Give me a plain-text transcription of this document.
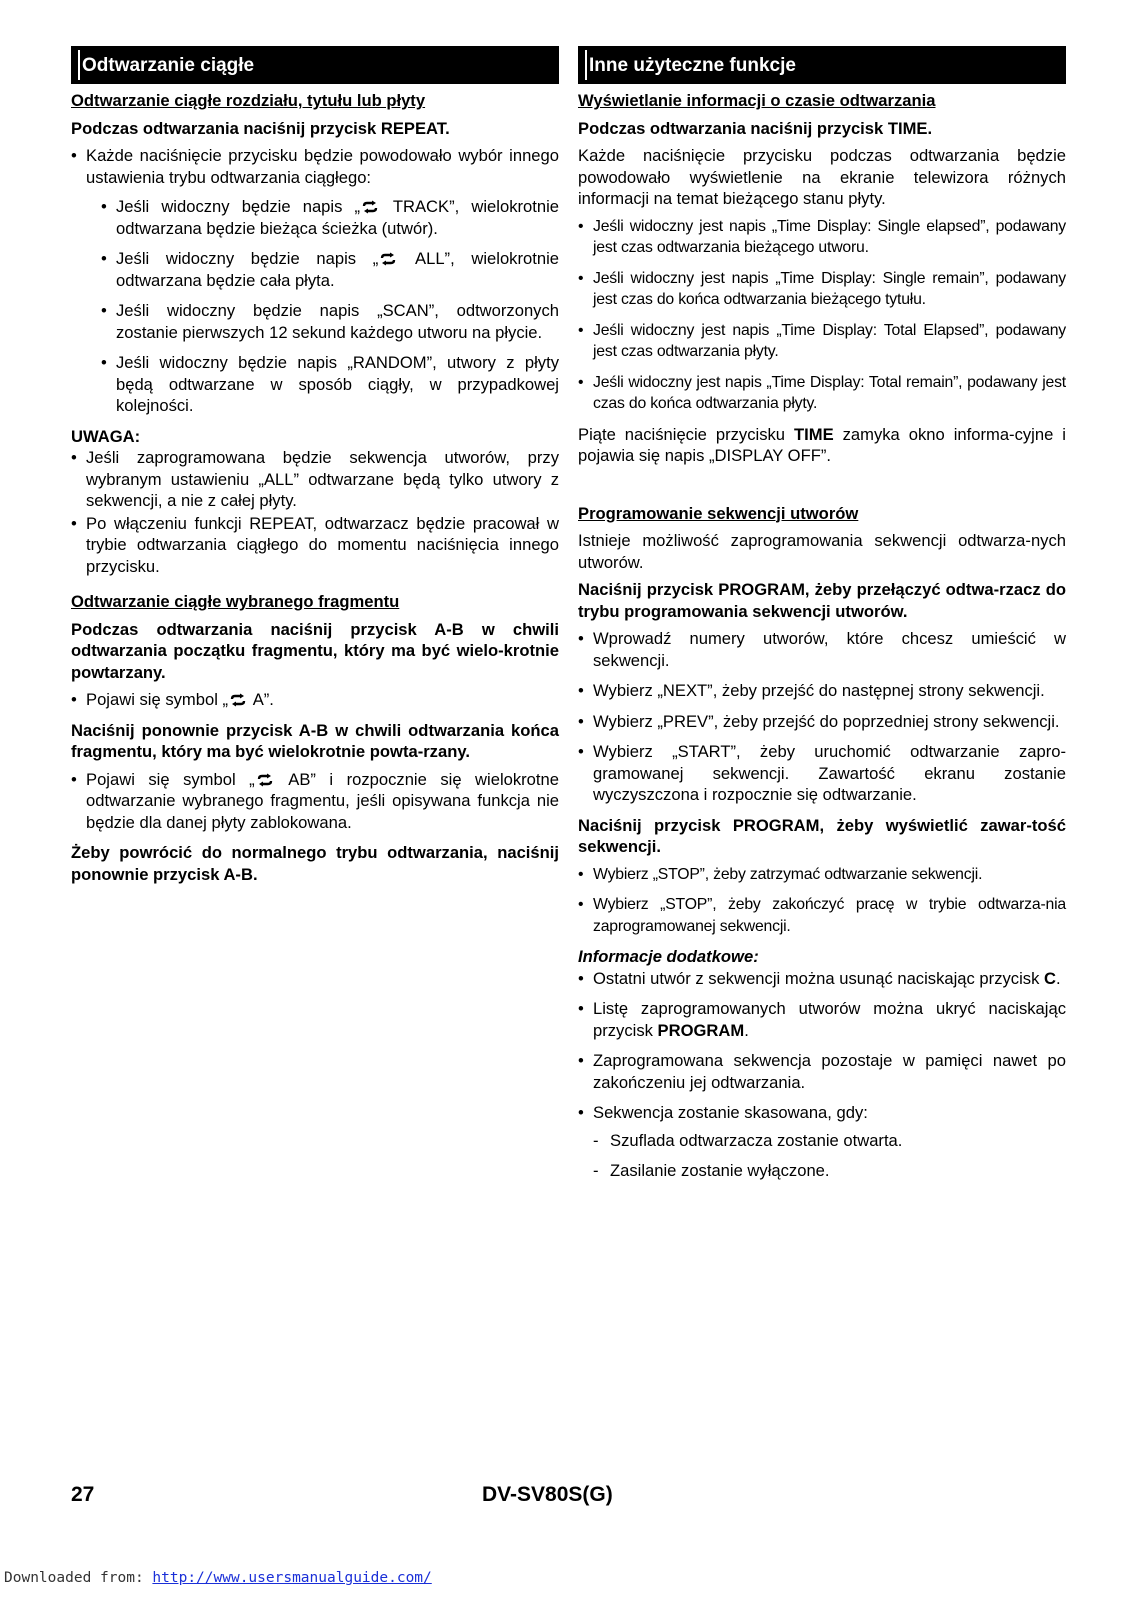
Odtwarzanie ciągłe
Odtwarzanie ciągłe rozdziału, tytułu lub płyty
Podczas odtwarzania naciśnij przycisk REPEAT.
• Każde naciśnięcie przycisku będzie powodowało wybór innego ustawienia trybu odtwarzania ciągłego:
• Jeśli widoczny będzie napis „ TRACK”, wielokrotnie odtwarzana będzie bieżąca ścieżka (utwór).
• Jeśli widoczny będzie napis „ ALL”, wielokrotnie odtwarzana będzie cała płyta.
• Jeśli widoczny będzie napis „SCAN”, odtworzonych zostanie pierwszych 12 sekund każdego utworu na płycie.
• Jeśli widoczny będzie napis „RANDOM”, utwory z płyty będą odtwarzane w sposób ciągły, w przypadkowej kolejności.
UWAGA:
• Jeśli zaprogramowana będzie sekwencja utworów, przy wybranym ustawieniu „ALL” odtwarzane będą tylko utwory z sekwencji, a nie z całej płyty.
• Po włączeniu funkcji REPEAT, odtwarzacz będzie pracował w trybie odtwarzania ciągłego do momentu naciśnięcia innego przycisku.
Odtwarzanie ciągłe wybranego fragmentu
Podczas odtwarzania naciśnij przycisk A-B w chwili odtwarzania początku fragmentu, który ma być wielo-krotnie powtarzany.
• Pojawi się symbol „ A”.
Naciśnij ponownie przycisk A-B w chwili odtwarzania końca fragmentu, który ma być wielokrotnie powta-rzany.
• Pojawi się symbol „ AB” i rozpocznie się wielokrotne odtwarzanie wybranego fragmentu, jeśli opisywana funkcja nie będzie dla danej płyty zablokowana.
Żeby powrócić do normalnego trybu odtwarzania, naciśnij ponownie przycisk A-B.
Inne użyteczne funkcje
Wyświetlanie informacji o czasie odtwarzania
Podczas odtwarzania naciśnij przycisk TIME.

Każde naciśnięcie przycisku podczas odtwarzania będzie powodowało wyświetlenie na ekranie telewizora różnych informacji na temat bieżącego stanu płyty.

• Jeśli widoczny jest napis „Time Display: Single elapsed”, podawany jest czas odtwarzania bieżącego utworu.
• Jeśli widoczny jest napis „Time Display: Single remain”, podawany jest czas do końca odtwarzania bieżącego tytułu.
• Jeśli widoczny jest napis „Time Display: Total Elapsed”, podawany jest czas odtwarzania płyty.
• Jeśli widoczny jest napis „Time Display: Total remain”, podawany jest czas do końca odtwarzania płyty.

Piąte naciśnięcie przycisku TIME zamyka okno informa-cyjne i pojawia się napis „DISPLAY OFF”.

Programowanie sekwencji utworów

Istnieje możliwość zaprogramowania sekwencji odtwarza-nych utworów.

Naciśnij przycisk PROGRAM, żeby przełączyć odtwa-rzacz do trybu programowania sekwencji utworów.
• Wprowadź numery utworów, które chcesz umieścić w sekwencji.
• Wybierz „NEXT”, żeby przejść do następnej strony sekwencji.
• Wybierz „PREV”, żeby przejść do poprzedniej strony sekwencji.
• Wybierz „START”, żeby uruchomić odtwarzanie zapro-gramowanej sekwencji. Zawartość ekranu zostanie wyczyszczona i rozpocznie się odtwarzanie.
Naciśnij przycisk PROGRAM, żeby wyświetlić zawar-tość sekwencji.
• Wybierz „STOP”, żeby zatrzymać odtwarzanie sekwencji.
• Wybierz „STOP”, żeby zakończyć pracę w trybie odtwarza-nia zaprogramowanej sekwencji.
Informacje dodatkowe:
• Ostatni utwór z sekwencji można usunąć naciskając przycisk C.
• Listę zaprogramowanych utworów można ukryć naciskając przycisk PROGRAM.
• Zaprogramowana sekwencja pozostaje w pamięci nawet po zakończeniu jej odtwarzania.
• Sekwencja zostanie skasowana, gdy:
- Szuflada odtwarzacza zostanie otwarta.
- Zasilanie zostanie wyłączone.
27	DV-SV80S(G)
Downloaded from: http://www.usersmanualguide.com/
